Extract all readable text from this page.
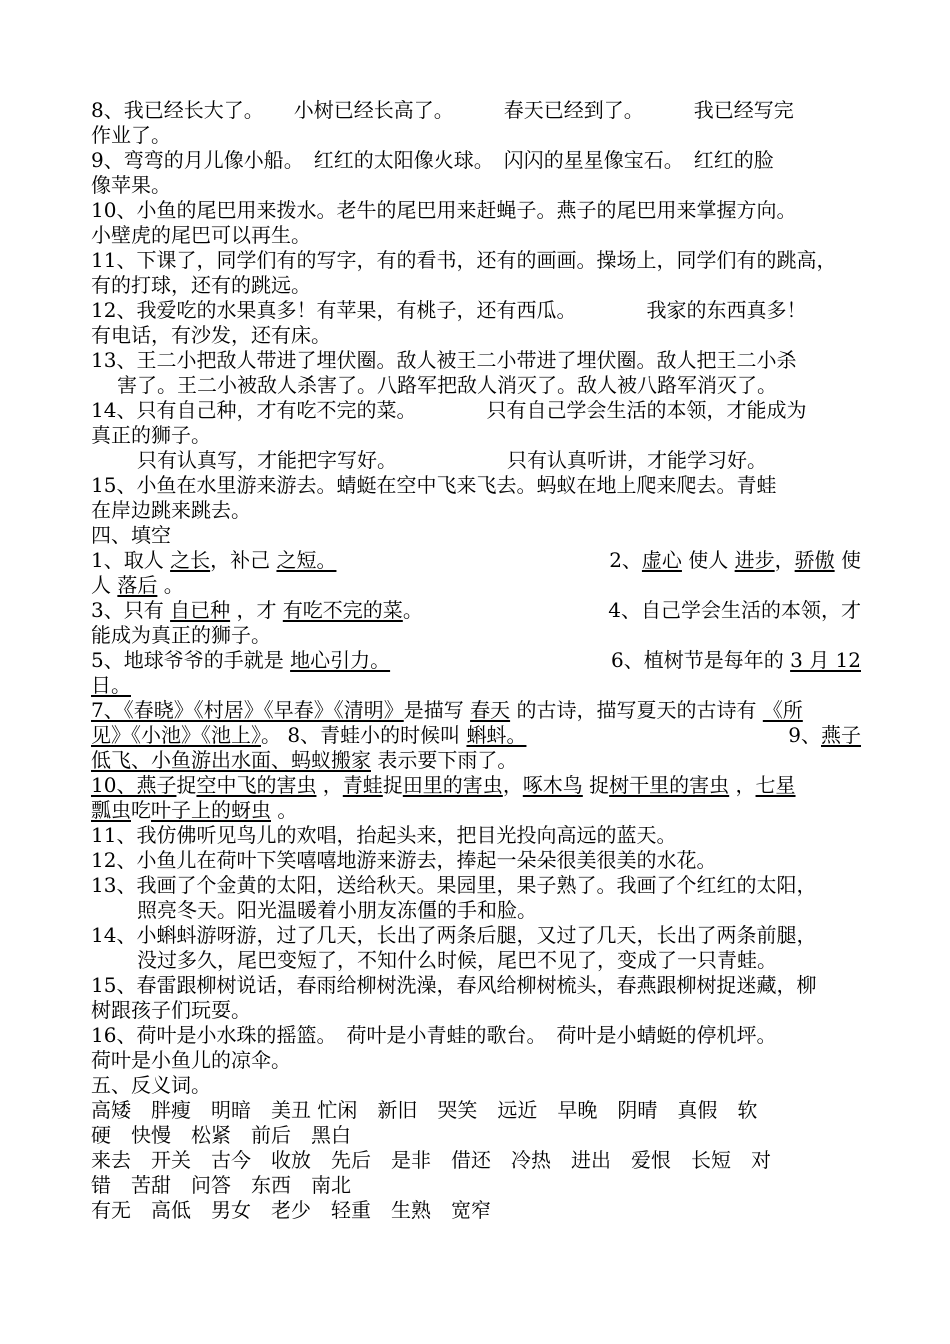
8、我已经长大了。　　小树已经长高了。　　　春天已经到了。　　　我已经写完

作业了。

9、弯弯的月儿像小船。　红红的太阳像火球。　闪闪的星星像宝石。　红红的脸

像苹果。

10、小鱼的尾巴用来拨水。老牛的尾巴用来赶蝇子。燕子的尾巴用来掌握方向。

小壁虎的尾巴可以再生。

11、下课了，同学们有的写字，有的看书，还有的画画。操场上，同学们有的跳高，

有的打球，还有的跳远。

12、我爱吃的水果真多！有苹果，有桃子，还有西瓜。　　　　我家的东西真多！

有电话，有沙发，还有床。

13、王二小把敌人带进了埋伏圈。敌人被王二小带进了埋伏圈。敌人把王二小杀

害了。王二小被敌人杀害了。八路军把敌人消灭了。敌人被八路军消灭了。

14、只有自己种，才有吃不完的菜。　　　　只有自己学会生活的本领，才能成为

真正的狮子。

只有认真写，才能把字写好。　　　　　　只有认真听讲，才能学习好。

15、小鱼在水里游来游去。蜻蜓在空中飞来飞去。蚂蚁在地上爬来爬去。青蛙

在岸边跳来跳去。

四、填空

1、取人 之长，补己 之短。	2、虚心 使人 进步，骄傲 使

人 落后 。

3、只有 自已种 ，才 有吃不完的菜。	4、自己学会生活的本领，才

能成为真正的狮子。

5、地球爷爷的手就是 地心引力。	6、植树节是每年的 3 月 12

日。

7、《春晓》《村居》《早春》《清明》是描写 春天 的古诗，描写夏天的古诗有 《所

见》《小池》《池上》。 8、青蛙小的时候叫 蝌蚪。	9、燕子

低飞、小鱼游出水面、蚂蚁搬家 表示要下雨了。

10、燕子捉空中飞的害虫 ，青蛙捉田里的害虫，啄木鸟 捉树干里的害虫 ，七星

瓢虫吃叶子上的蚜虫 。

11、我仿佛听见鸟儿的欢唱，抬起头来，把目光投向高远的蓝天。

12、小鱼儿在荷叶下笑嘻嘻地游来游去，捧起一朵朵很美很美的水花。

13、我画了个金黄的太阳，送给秋天。果园里，果子熟了。我画了个红红的太阳，

照亮冬天。阳光温暖着小朋友冻僵的手和脸。

14、小蝌蚪游呀游，过了几天，长出了两条后腿，又过了几天，长出了两条前腿，

没过多久，尾巴变短了，不知什么时候，尾巴不见了，变成了一只青蛙。

15、春雷跟柳树说话，春雨给柳树洗澡，春风给柳树梳头，春燕跟柳树捉迷藏，柳

树跟孩子们玩耍。

16、荷叶是小水珠的摇篮。　荷叶是小青蛙的歌台。　荷叶是小蜻蜓的停机坪。

荷叶是小鱼儿的凉伞。

五、反义词。

高矮　胖瘦　明暗　美丑 忙闲　新旧　哭笑　远近　早晚　阴晴　真假　软

硬　快慢　松紧　前后　黑白

来去　开关　古今　收放　先后　是非　借还　冷热　进出　爱恨　长短　对

错　苦甜　问答　东西　南北

有无　高低　男女　老少　轻重　生熟　宽窄
